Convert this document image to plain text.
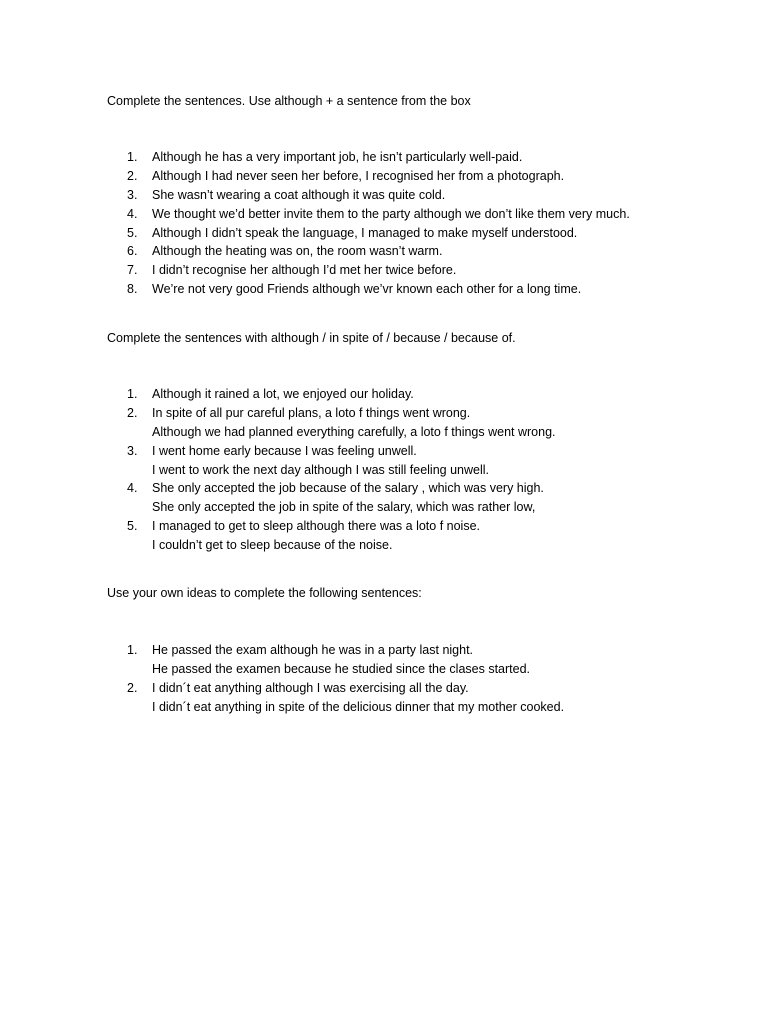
Complete the sentences. Use although + a sentence from the box
1.	Although he has a very important job, he isn’t particularly well-paid.
2.	Although I had never seen her before, I recognised her from a photograph.
3.	She wasn’t wearing a coat although it was quite cold.
4.	We thought we’d better invite them to the party although we don’t like them very much.
5.	Although I didn’t speak the language, I managed to make myself understood.
6.	Although the heating was on, the room wasn’t warm.
7.	I didn’t recognise her although I’d met her twice before.
8.	We’re not very good Friends although we’vr known each other for a long time.
Complete the sentences with although / in spite of / because / because of.
1.	Although it rained a lot, we enjoyed our holiday.
2.	In spite of all pur careful plans, a loto f things went wrong.
Although we had planned everything carefully, a loto f things went wrong.
3.	I went home early because I was feeling unwell.
I went to work the next day although I was still feeling unwell.
4.	She only accepted the job because of the salary , which was very high.
She only accepted the job in spite of the salary, which was rather low,
5.	I managed to get to sleep although there was a loto f noise.
I couldn’t get to sleep because of the noise.
Use your own ideas to complete the following sentences:
1.	He passed the exam although he was in a party last night.
He passed the examen because he studied since the clases started.
2.	I didn´t eat anything although I was exercising all the day.
I didn´t eat anything in spite of the delicious dinner that my mother cooked.
